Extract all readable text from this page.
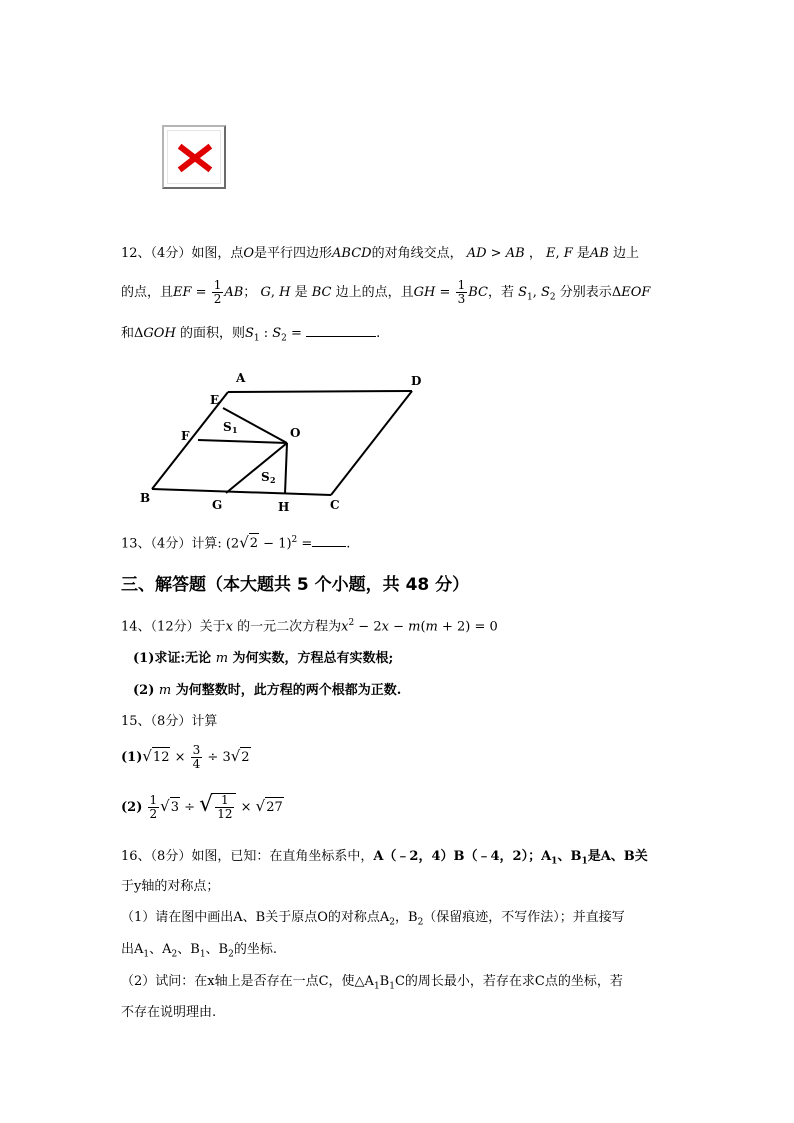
12、（4分）如图，点O是平行四边形ABCD的对角线交点， AD > AB ， E, F 是AB 边上
的点，且EF = $\frac{1}{2}$ AB； G, H 是 BC 边上的点，且GH = $\frac{1}{3}$ BC，若 $S_1$, $S_2$ 分别表示ΔEOF
和ΔGOH 的面积，则$S_1$ : $S_2$ =	.
A	D
E
F	O
B	G	H	C
S 1
S 2
13、（4分）计算: $(2√2 - 1)^2$ =	.
三、解答题（本大题共 5 个小题，共 48 分）
14、（12分）关于x 的一元二次方程为$x^2 - 2x - m(m + 2) = 0$
(1)求证:无论 m 为何实数，方程总有实数根;
(2) m 为何整数时，此方程的两个根都为正数.
15、（8分）计算
$(1)√12 \times \frac{3}{4} \div 3√2$
$(2) \frac{1}{2} √3$ ÷ √ $\frac{1}{12} \times √27$
16、（8分）如图，已知：在直角坐标系中，A（﹣2，4）B（﹣4，2）；$A_1$、$B_1$是A、B关
于y轴的对称点；
（1）请在图中画出A、B关于原点O的对称点$A_2$，$B_2$（保留痕迹，不写作法）；并直接写
出$A_1$、$A_2$、$B_1$、$B_2$的坐标.
（2）试问：在x轴上是否存在一点C，使$\triangle A_1B_1C$的周长最小，若存在求C点的坐标，若
不存在说明理由.
